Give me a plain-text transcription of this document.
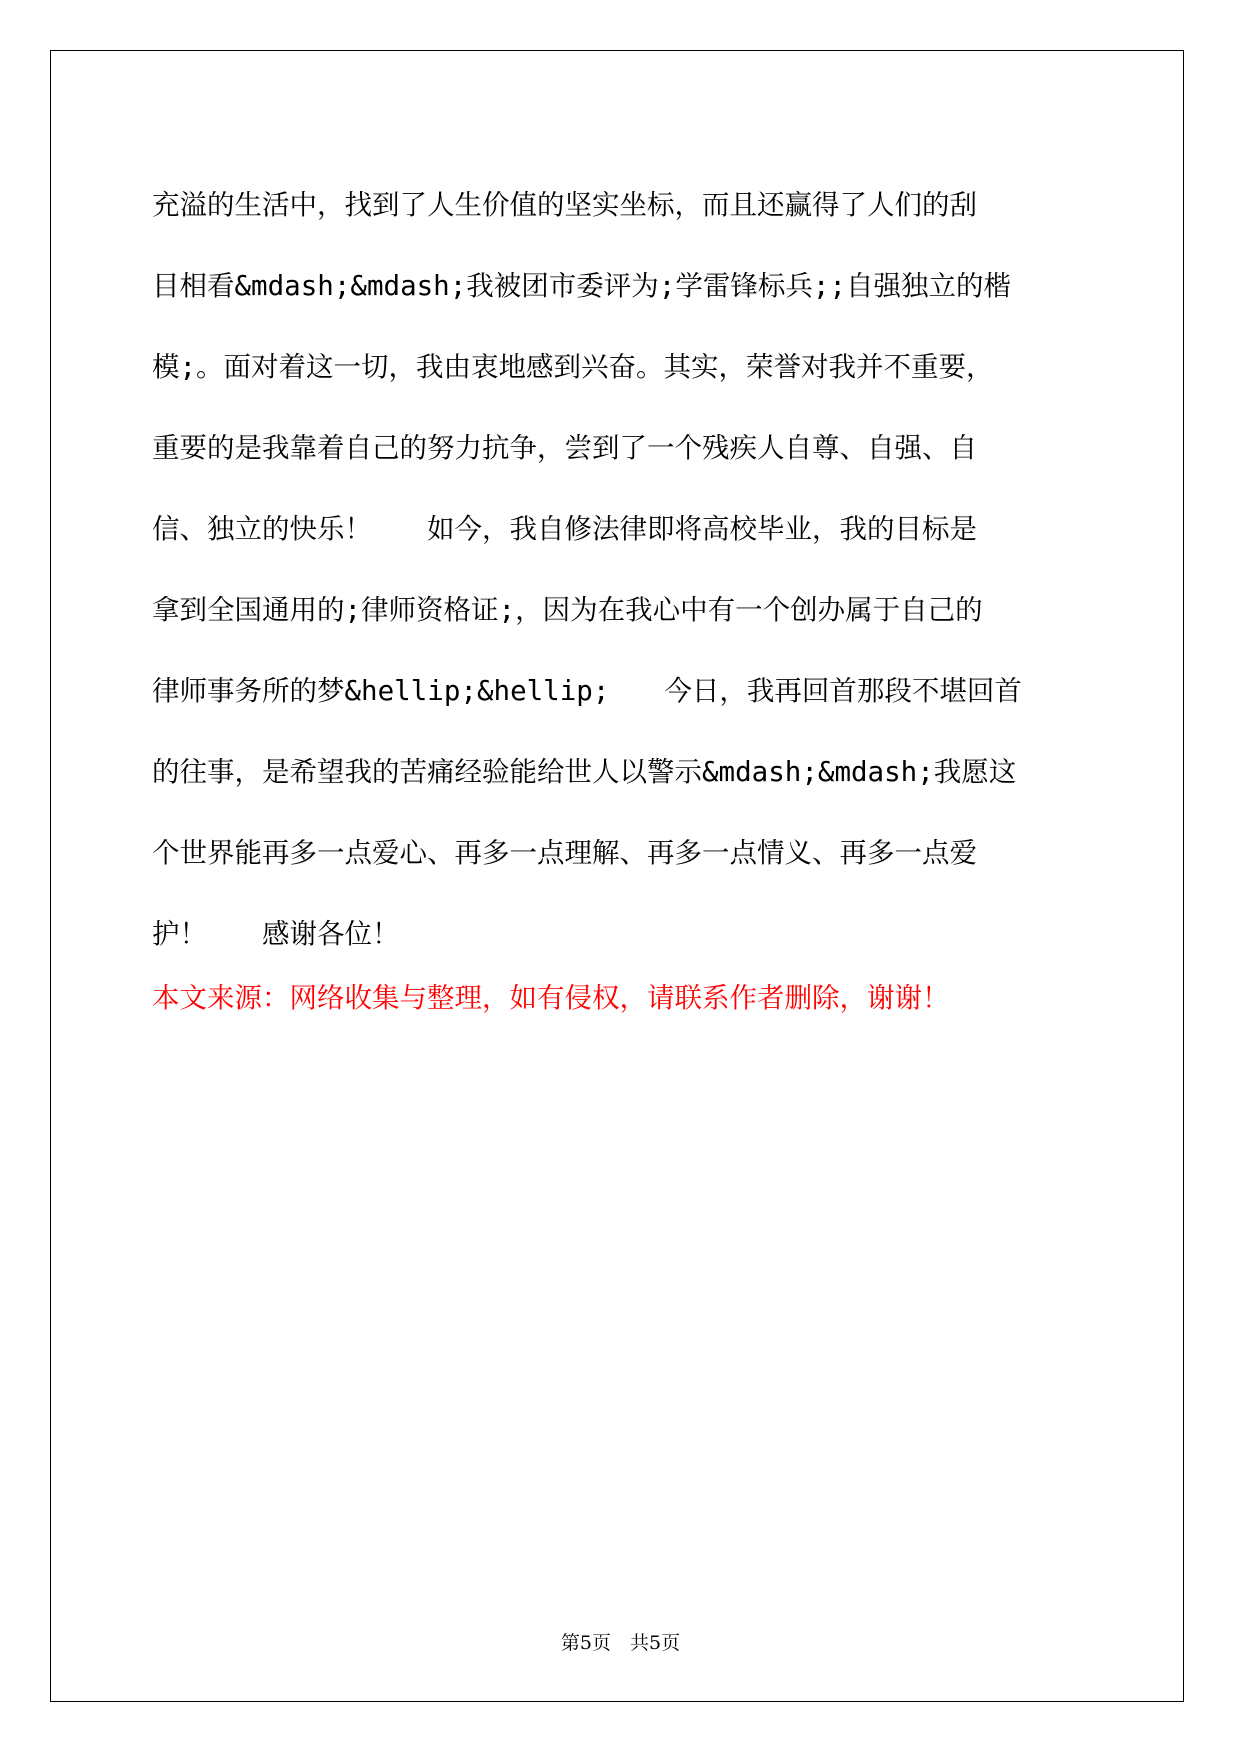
充溢的生活中，找到了人生价值的坚实坐标，而且还赢得了人们的刮
目相看&mdash;&mdash;我被团市委评为;学雷锋标兵;;自强独立的楷
模;。面对着这一切，我由衷地感到兴奋。其实，荣誉对我并不重要，
重要的是我靠着自己的努力抗争，尝到了一个残疾人自尊、自强、自
信、独立的快乐！　　如今，我自修法律即将高校毕业，我的目标是
拿到全国通用的;律师资格证;，因为在我心中有一个创办属于自己的
律师事务所的梦&hellip;&hellip;　　今日，我再回首那段不堪回首
的往事，是希望我的苦痛经验能给世人以警示&mdash;&mdash;我愿这
个世界能再多一点爱心、再多一点理解、再多一点情义、再多一点爱
护！　　感谢各位！
本文来源：网络收集与整理，如有侵权，请联系作者删除，谢谢！
第5页　共5页
